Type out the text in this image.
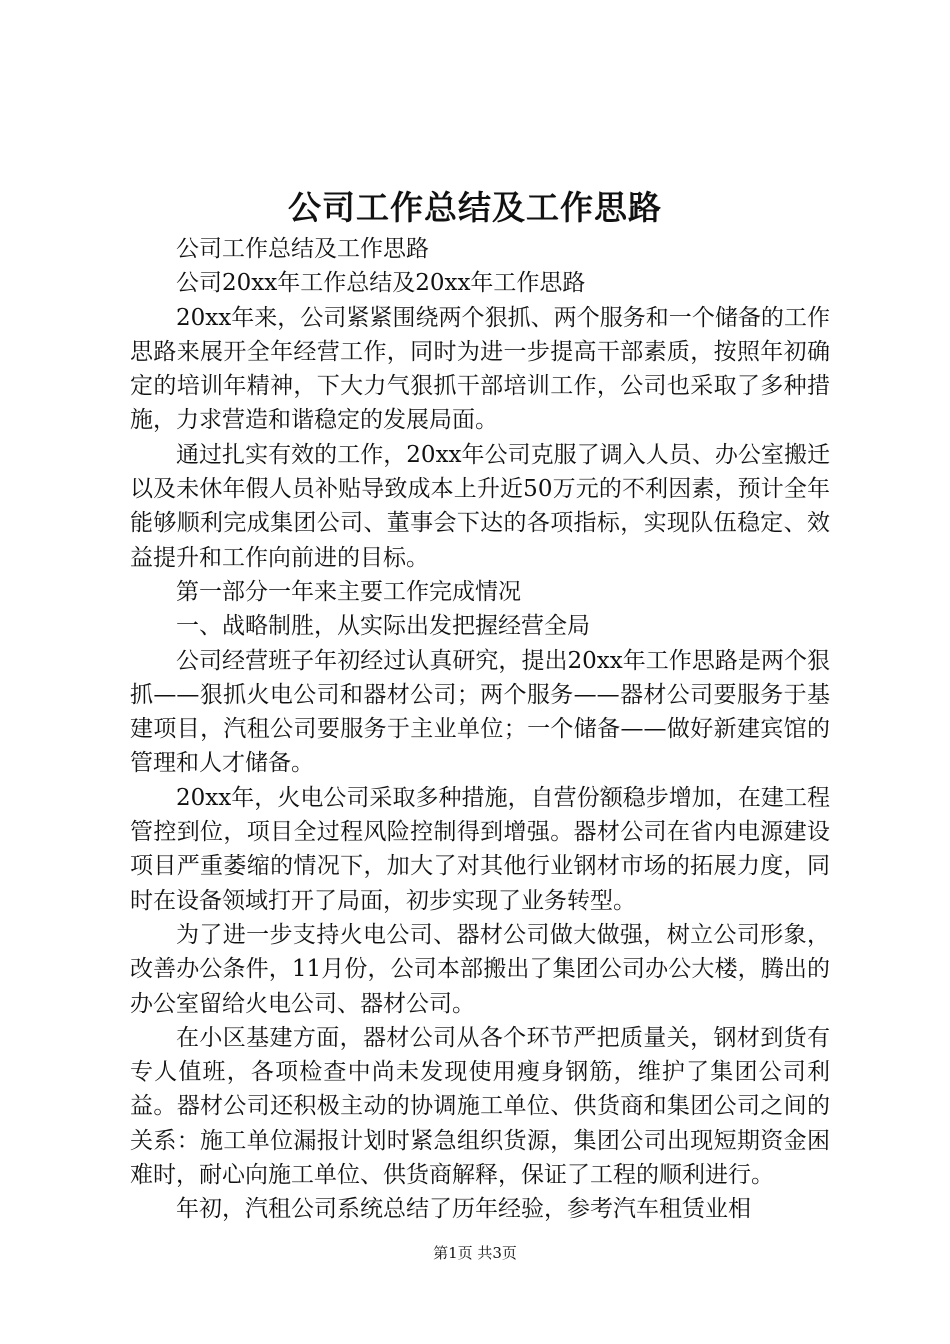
公司工作总结及工作思路

公司工作总结及工作思路

公司20xx年工作总结及20xx年工作思路

20xx年来，公司紧紧围绕两个狠抓、两个服务和一个储备的工作思路来展开全年经营工作，同时为进一步提高干部素质，按照年初确定的培训年精神，下大力气狠抓干部培训工作，公司也采取了多种措施，力求营造和谐稳定的发展局面。

通过扎实有效的工作，20xx年公司克服了调入人员、办公室搬迁以及未休年假人员补贴导致成本上升近50万元的不利因素，预计全年能够顺利完成集团公司、董事会下达的各项指标，实现队伍稳定、效益提升和工作向前进的目标。

第一部分一年来主要工作完成情况

一、战略制胜，从实际出发把握经营全局

公司经营班子年初经过认真研究，提出20xx年工作思路是两个狠抓——狠抓火电公司和器材公司；两个服务——器材公司要服务于基建项目，汽租公司要服务于主业单位；一个储备——做好新建宾馆的管理和人才储备。

20xx年，火电公司采取多种措施，自营份额稳步增加，在建工程管控到位，项目全过程风险控制得到增强。器材公司在省内电源建设项目严重萎缩的情况下，加大了对其他行业钢材市场的拓展力度，同时在设备领域打开了局面，初步实现了业务转型。

为了进一步支持火电公司、器材公司做大做强，树立公司形象，改善办公条件，11月份，公司本部搬出了集团公司办公大楼，腾出的办公室留给火电公司、器材公司。

在小区基建方面，器材公司从各个环节严把质量关，钢材到货有专人值班，各项检查中尚未发现使用瘦身钢筋，维护了集团公司利益。器材公司还积极主动的协调施工单位、供货商和集团公司之间的关系：施工单位漏报计划时紧急组织货源，集团公司出现短期资金困难时，耐心向施工单位、供货商解释，保证了工程的顺利进行。

年初，汽租公司系统总结了历年经验，参考汽车租赁业相

第1页 共3页
